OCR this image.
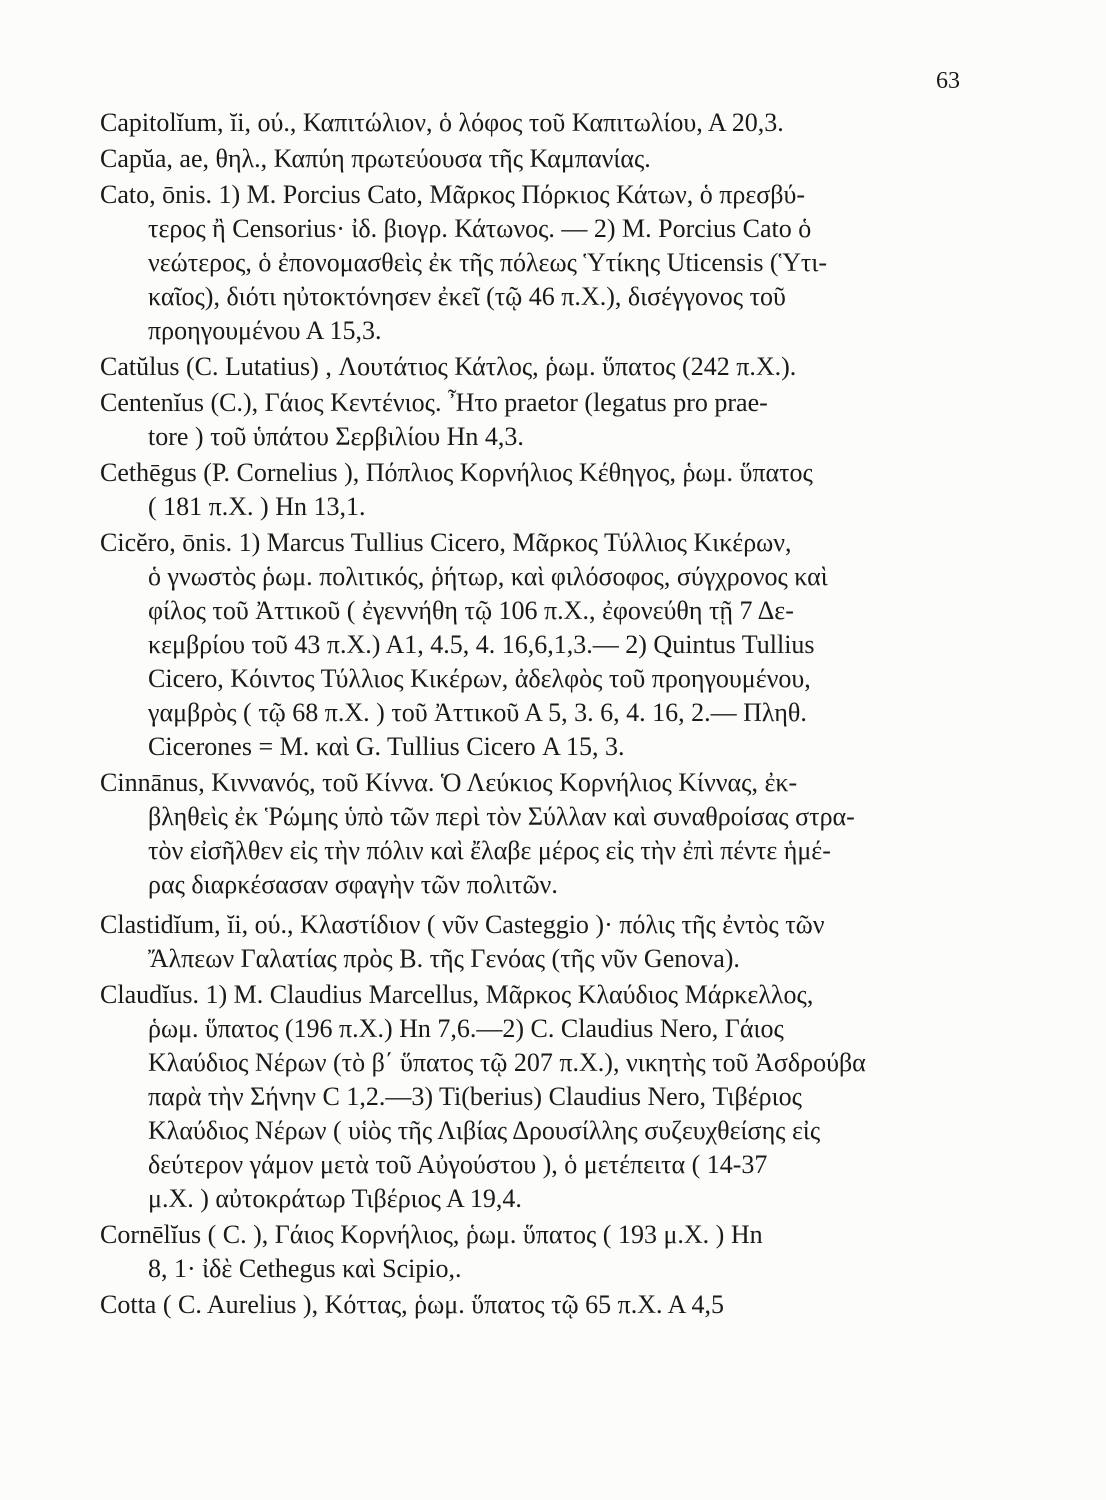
63
Capitolĭum, ĭi, ού., Καπιτώλιον, ὁ λόφος τοῦ Καπιτωλίου, Α 20,3.
Capŭa, ae, θηλ., Καπύη πρωτεύουσα τῆς Καμπανίας.
Cato, ōnis. 1) Μ. Porcius Cato, Μᾶρκος Πόρκιος Κάτων, ὁ πρεσβύ-
τερος ἢ Censorius· ἰδ. βιογρ. Κάτωνος. — 2) Μ. Porcius Cato ὁ
νεώτερος, ὁ ἐπονομασθεὶς ἐκ τῆς πόλεως Ὑτίκης Uticensis (Ὑτι-
καῖος), διότι ηὐτοκτόνησεν ἐκεῖ (τῷ 46 π.Χ.), δισέγγονος τοῦ
προηγουμένου Α 15,3.
Catŭlus (C. Lutatius) , Λουτάτιος Κάτλος, ῥωμ. ὕπατος (242 π.Χ.).
Centenĭus (C.), Γάιος Κεντένιος. Ἦτο praetor (legatus pro prae-
tore ) τοῦ ὑπάτου Σερβιλίου Hn 4,3.
Cethēgus (P. Cornelius ), Πόπλιος Κορνήλιος Κέθηγος, ῥωμ. ὕπατος
( 181 π.Χ. ) Hn 13,1.
Cicĕro, ōnis. 1) Marcus Tullius Cicero, Μᾶρκος Τύλλιος Κικέρων,
ὁ γνωστὸς ῥωμ. πολιτικός, ῥήτωρ, καὶ φιλόσοφος, σύγχρονος καὶ
φίλος τοῦ Ἀττικοῦ ( ἐγεννήθη τῷ 106 π.Χ., ἐφονεύθη τῇ 7 Δε-
κεμβρίου τοῦ 43 π.Χ.) Α1, 4.5, 4. 16,6,1,3.— 2) Quintus Tullius
Cicero, Κόιντος Τύλλιος Κικέρων, ἀδελφὸς τοῦ προηγουμένου,
γαμβρὸς ( τῷ 68 π.Χ. ) τοῦ Ἀττικοῦ Α 5, 3. 6, 4. 16, 2.— Πληθ.
Cicerones = M. καὶ G. Tullius Cicero Α 15, 3.
Cinnānus, Κιννανός, τοῦ Κίννα. Ὁ Λεύκιος Κορνήλιος Κίννας, ἐκ-
βληθεὶς ἐκ Ῥώμης ὑπὸ τῶν περὶ τὸν Σύλλαν καὶ συναθροίσας στρα-
τὸν εἰσῆλθεν εἰς τὴν πόλιν καὶ ἔλαβε μέρος εἰς τὴν ἐπὶ πέντε ἡμέ-
ρας διαρκέσασαν σφαγὴν τῶν πολιτῶν.
Clastidĭum, ĭi, ού., Κλαστίδιον ( νῦν Casteggio )· πόλις τῆς ἐντὸς τῶν
Ἄλπεων Γαλατίας πρὸς Β. τῆς Γενόας (τῆς νῦν Genova).
Claudĭus. 1) Μ. Claudius Marcellus, Μᾶρκος Κλαύδιος Μάρκελλος,
ῥωμ. ὕπατος (196 π.Χ.) Hn 7,6.—2) C. Claudius Nero, Γάιος
Κλαύδιος Νέρων (τὸ β΄ ὕπατος τῷ 207 π.Χ.), νικητὴς τοῦ Ἀσδρούβα
παρὰ τὴν Σήνην C 1,2.—3) Ti(berius) Claudius Nero, Τιβέριος
Κλαύδιος Νέρων ( υἱὸς τῆς Λιβίας Δρουσίλλης συζευχθείσης εἰς
δεύτερον γάμον μετὰ τοῦ Αὐγούστου ), ὁ μετέπειτα ( 14-37
μ.Χ. ) αὐτοκράτωρ Τιβέριος Α 19,4.
Cornēlĭus ( C. ), Γάιος Κορνήλιος, ῥωμ. ὕπατος ( 193 μ.Χ. ) Hn
8, 1· ἰδὲ Cethegus καὶ Scipio,.
Cotta ( C. Aurelius ), Κόττας, ῥωμ. ὕπατος τῷ 65 π.Χ. Α 4,5
